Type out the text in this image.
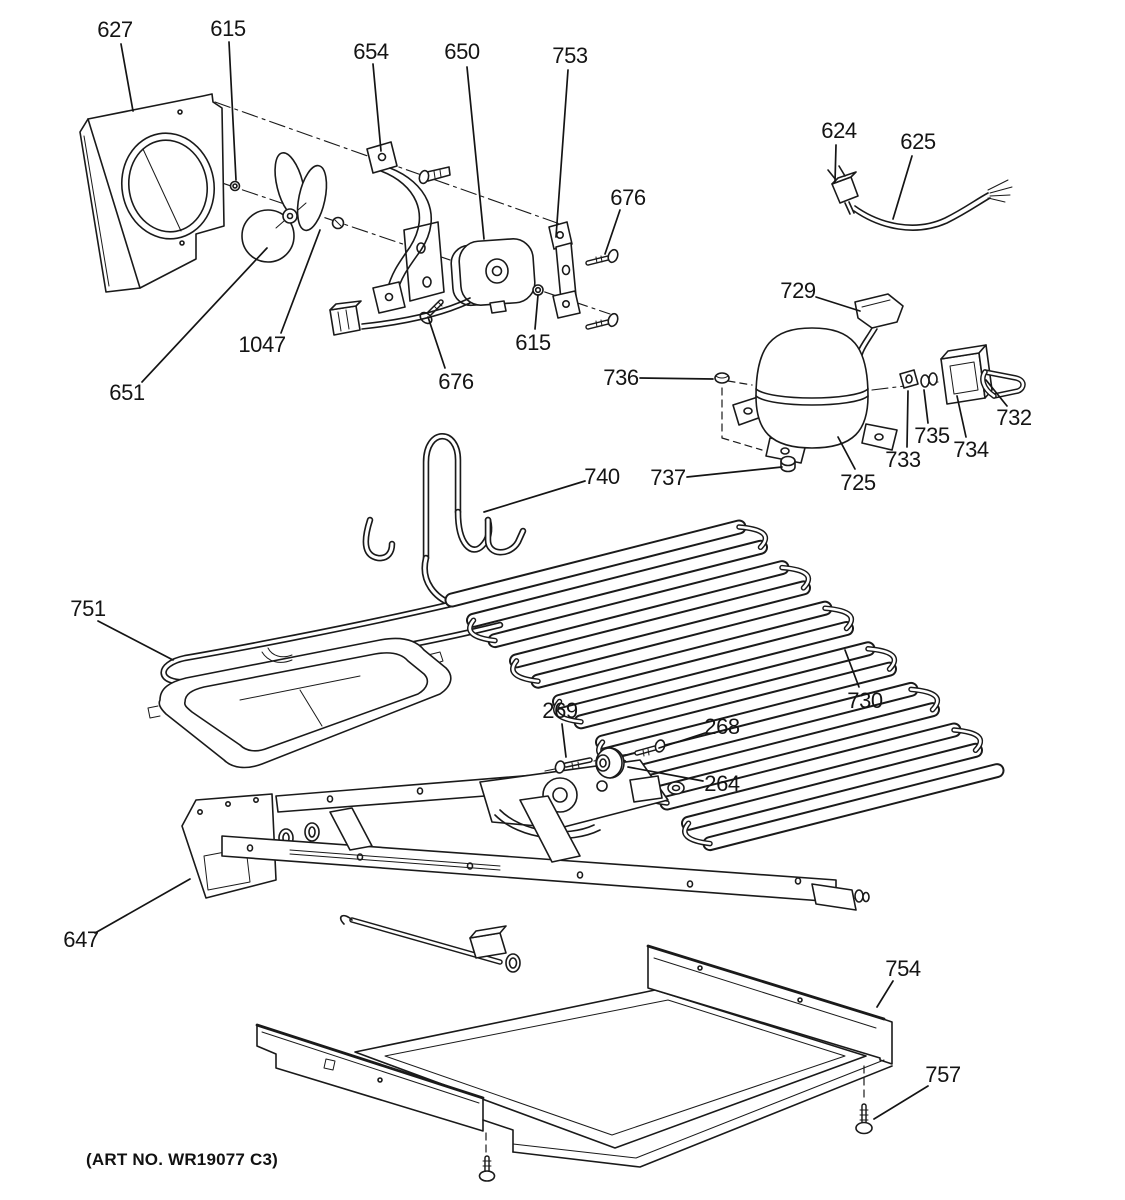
627	615
654	650	753
676
624 625
729
736
1047
651	676
615
740 737	725
733
735
734
732
730
751
269
268
264
647
754
757
(ART NO. WR19077 C3)
